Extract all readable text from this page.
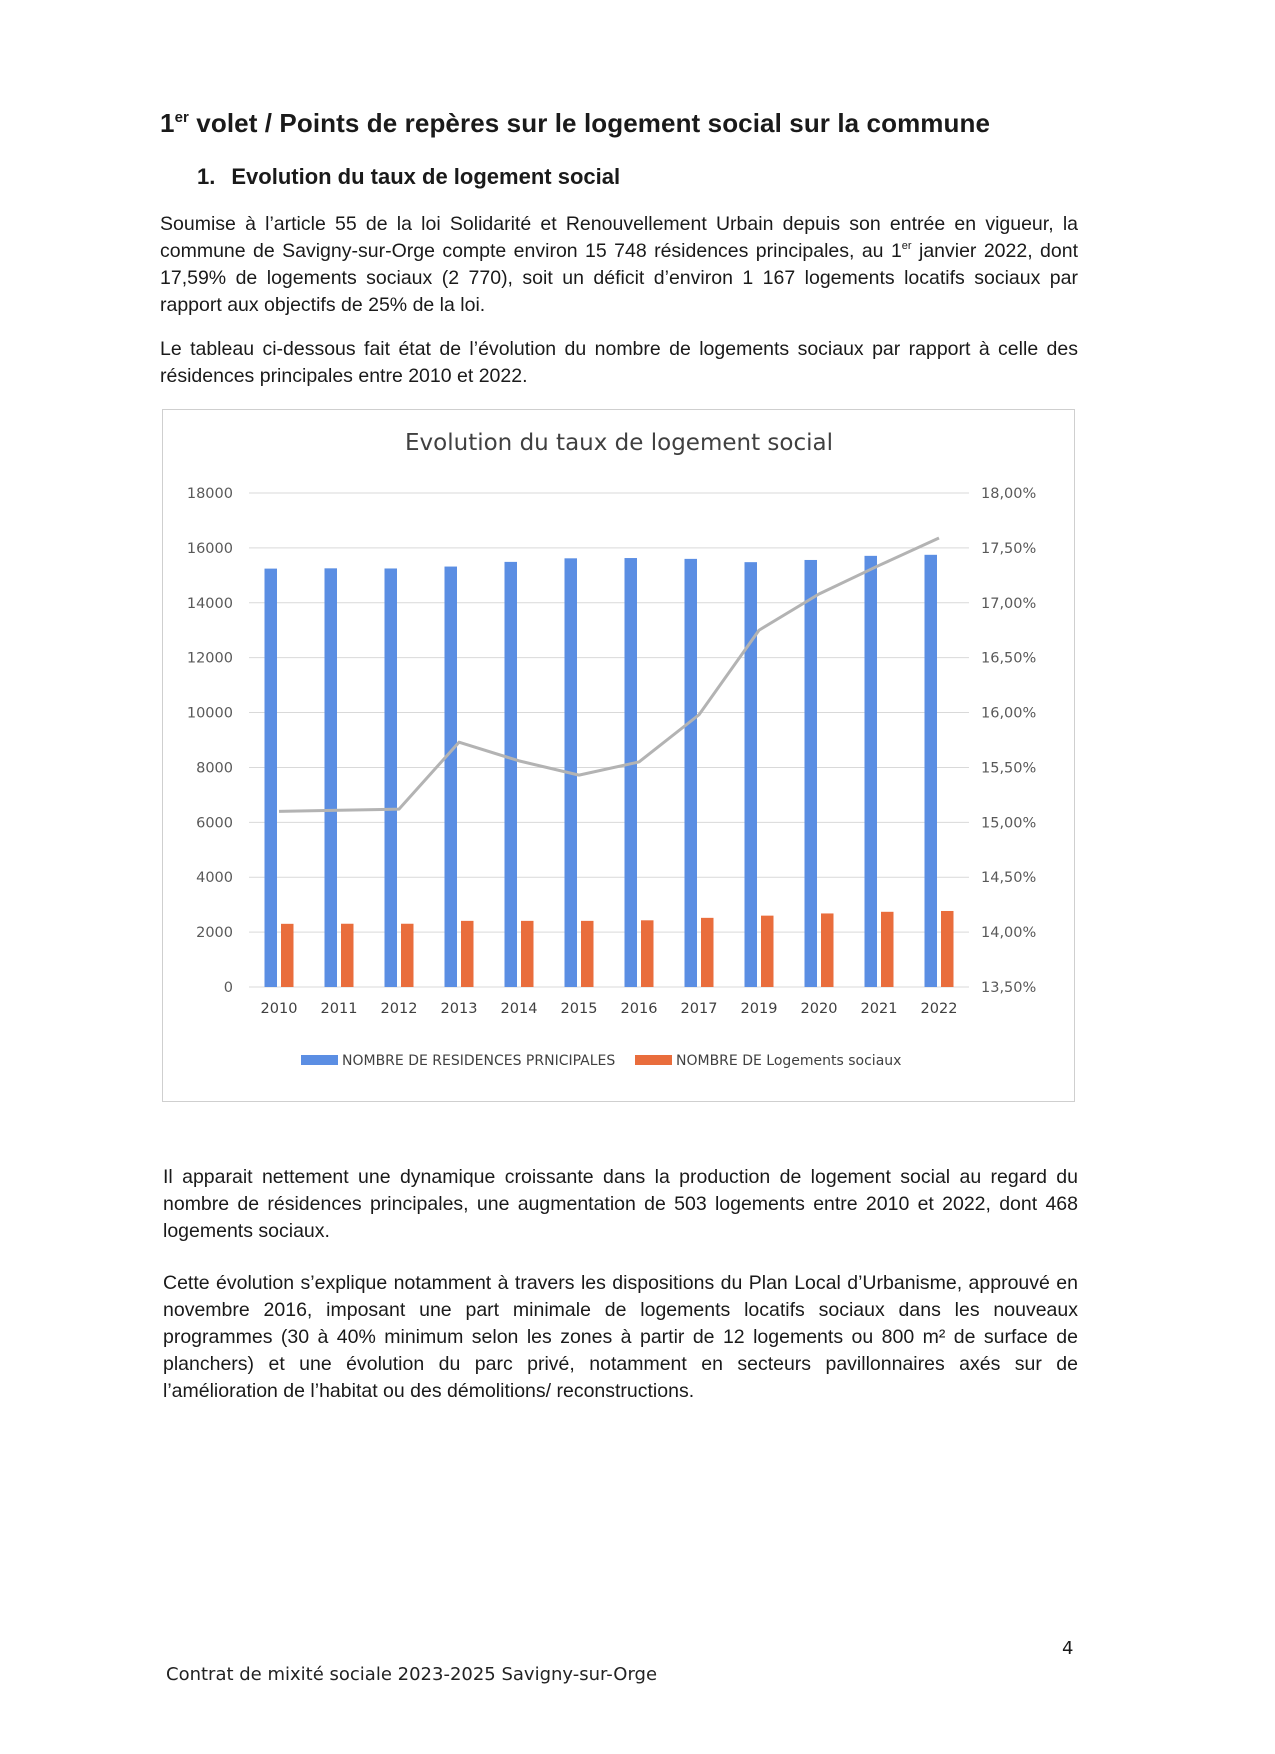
1er volet / Points de repères sur le logement social sur la commune
1. Evolution du taux de logement social

Soumise à l’article 55 de la loi Solidarité et Renouvellement Urbain depuis son entrée en vigueur, la commune de Savigny-sur-Orge compte environ 15 748 résidences principales, au 1er janvier 2022, dont 17,59% de logements sociaux (2 770), soit un déficit d’environ 1 167 logements locatifs sociaux par rapport aux objectifs de 25% de la loi.

Le tableau ci-dessous fait état de l’évolution du nombre de logements sociaux par rapport à celle des résidences principales entre 2010 et 2022.

Evolution du taux de logement social
0
2000
4000
6000
8000
10000
12000
14000
16000
18000
13,50%
14,00%
14,50%
15,00%
15,50%
16,00%
16,50%
17,00%
17,50%
18,00%
2010 2011 2012 2013 2014 2015 2016 2017 2019 2020 2021 2022
NOMBRE DE RESIDENCES PRNICIPALES	NOMBRE DE Logements sociaux

Il apparait nettement une dynamique croissante dans la production de logement social au regard du nombre de résidences principales, une augmentation de 503 logements entre 2010 et 2022, dont 468 logements sociaux.

Cette évolution s’explique notamment à travers les dispositions du Plan Local d’Urbanisme, approuvé en novembre 2016, imposant une part minimale de logements locatifs sociaux dans les nouveaux programmes (30 à 40% minimum selon les zones à partir de 12 logements ou 800 m² de surface de planchers) et une évolution du parc privé, notamment en secteurs pavillonnaires axés sur de l’amélioration de l’habitat ou des démolitions/ reconstructions.

4
Contrat de mixité sociale 2023-2025 Savigny-sur-Orge
